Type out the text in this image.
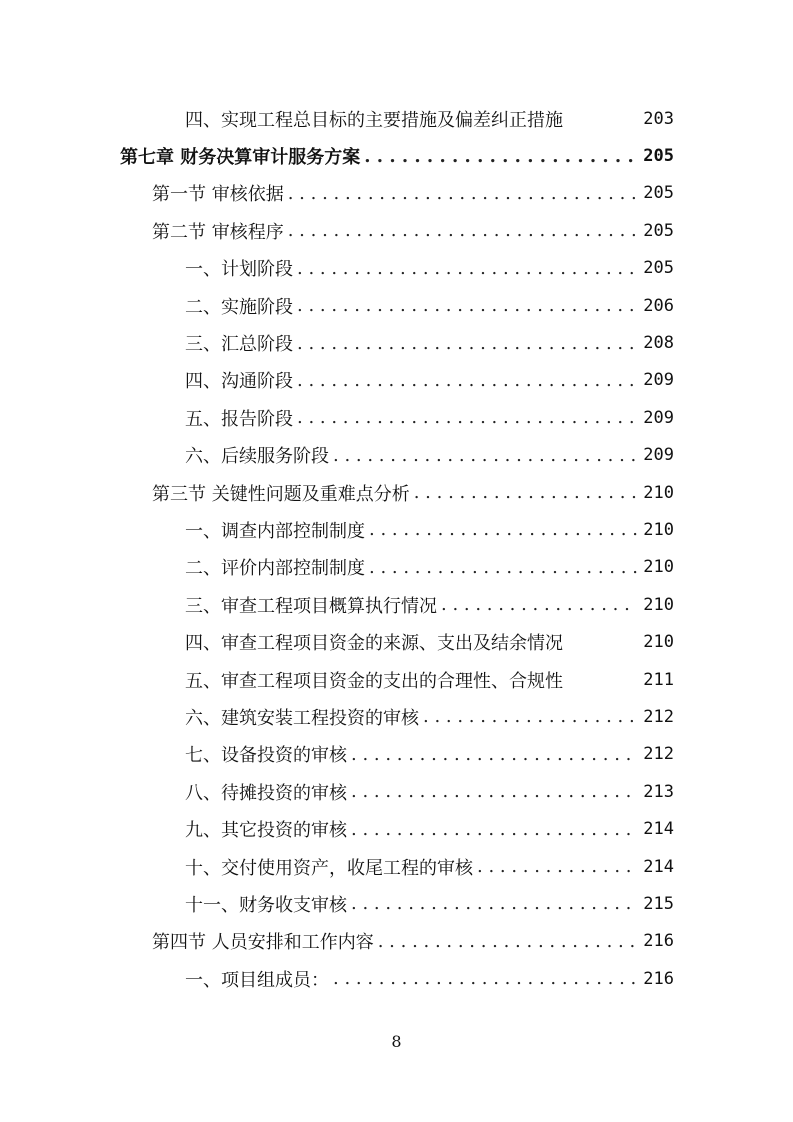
四、实现工程总目标的主要措施及偏差纠正措施	203
第七章 财务决算审计服务方案 . . .	205
第一节 审核依据 . . .	205
第二节 审核程序 . . .	205
一、计划阶段 . . .	205
二、实施阶段 . . .	206
三、汇总阶段 . . .	208
四、沟通阶段 . . .	209
五、报告阶段 . . .	209
六、后续服务阶段 . . .	209
第三节 关键性问题及重难点分析 . . .	210
一、调查内部控制制度 . . .	210
二、评价内部控制制度 . . .	210
三、审查工程项目概算执行情况 . . .	210
四、审查工程项目资金的来源、支出及结余情况	210
五、审查工程项目资金的支出的合理性、合规性	211
六、建筑安装工程投资的审核 . . .	212
七、设备投资的审核 . . .	212
八、待摊投资的审核 . . .	213
九、其它投资的审核 . . .	214
十、交付使用资产，收尾工程的审核 . . .	214
十一、财务收支审核 . . .	215
第四节 人员安排和工作内容 . . .	216
一、项目组成员： . . .	216
8
